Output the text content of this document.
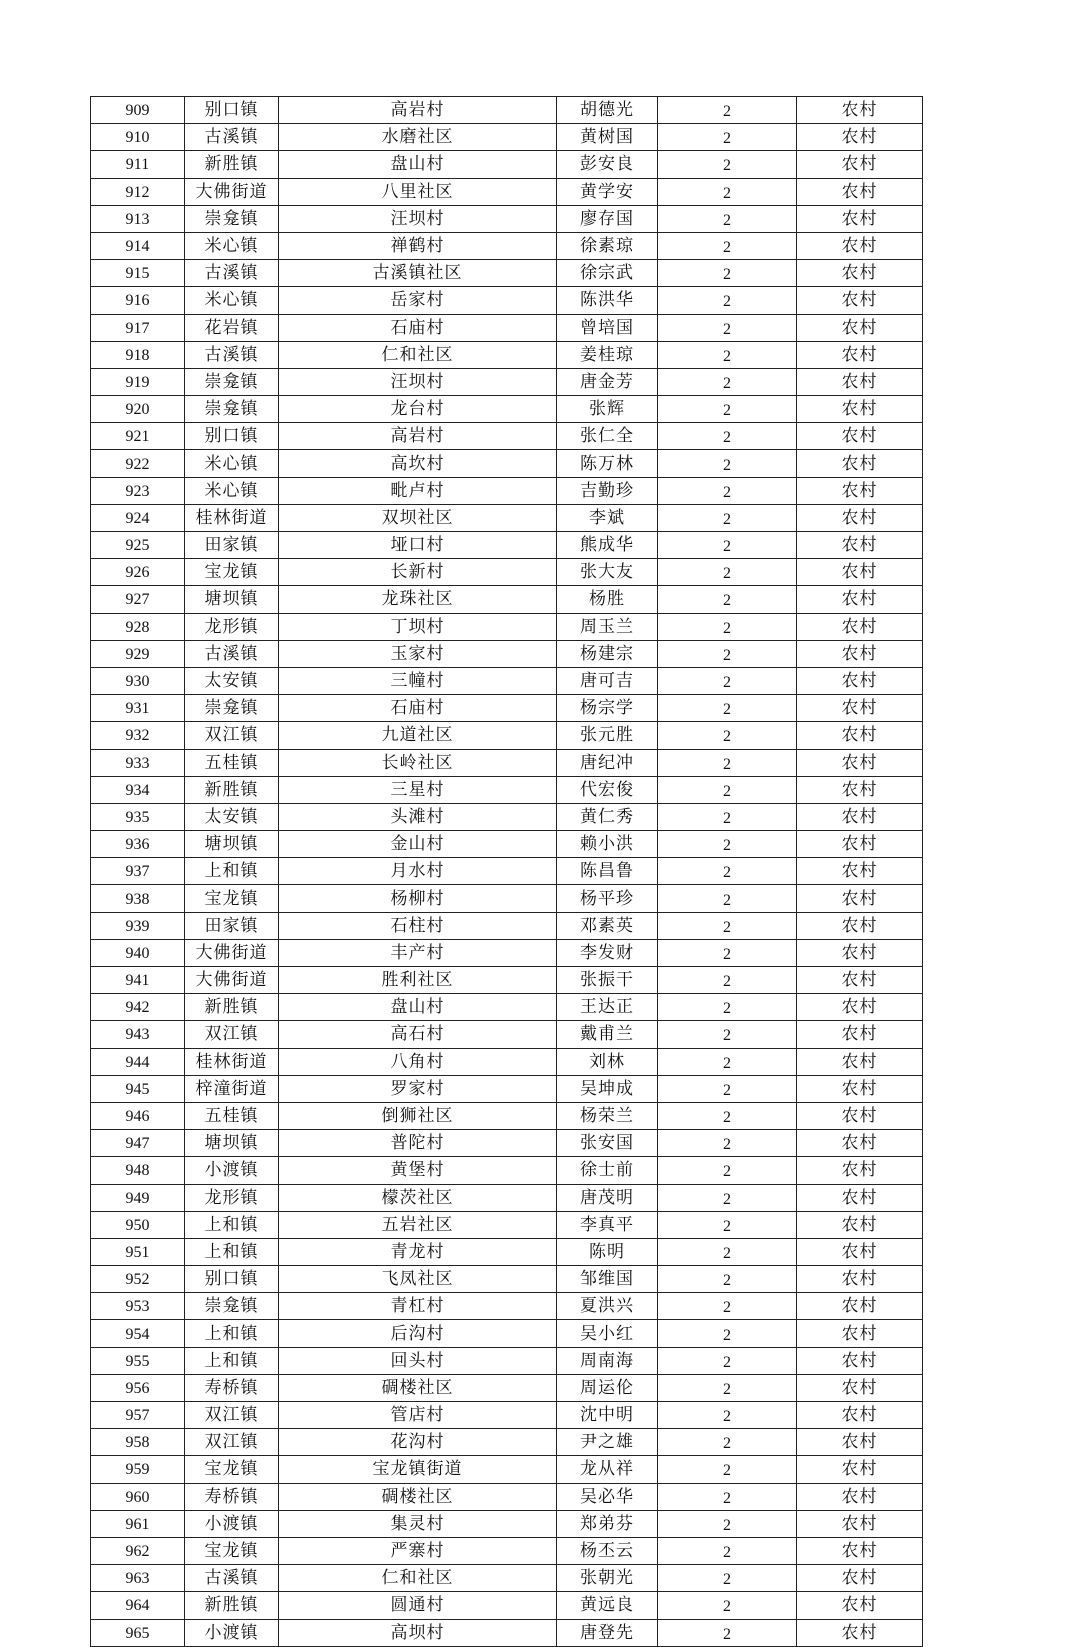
909	别口镇	高岩村	胡德光	2	农村
910	古溪镇	水磨社区	黄树国	2	农村
911	新胜镇	盘山村	彭安良	2	农村
912	大佛街道	八里社区	黄学安	2	农村
913	崇龛镇	汪坝村	廖存国	2	农村
914	米心镇	禅鹤村	徐素琼	2	农村
915	古溪镇	古溪镇社区	徐宗武	2	农村
916	米心镇	岳家村	陈洪华	2	农村
917	花岩镇	石庙村	曾培国	2	农村
918	古溪镇	仁和社区	姜桂琼	2	农村
919	崇龛镇	汪坝村	唐金芳	2	农村
920	崇龛镇	龙台村	张辉	2	农村
921	别口镇	高岩村	张仁全	2	农村
922	米心镇	高坎村	陈万林	2	农村
923	米心镇	毗卢村	吉勤珍	2	农村
924	桂林街道	双坝社区	李斌	2	农村
925	田家镇	垭口村	熊成华	2	农村
926	宝龙镇	长新村	张大友	2	农村
927	塘坝镇	龙珠社区	杨胜	2	农村
928	龙形镇	丁坝村	周玉兰	2	农村
929	古溪镇	玉家村	杨建宗	2	农村
930	太安镇	三幢村	唐可吉	2	农村
931	崇龛镇	石庙村	杨宗学	2	农村
932	双江镇	九道社区	张元胜	2	农村
933	五桂镇	长岭社区	唐纪冲	2	农村
934	新胜镇	三星村	代宏俊	2	农村
935	太安镇	头滩村	黄仁秀	2	农村
936	塘坝镇	金山村	赖小洪	2	农村
937	上和镇	月水村	陈昌鲁	2	农村
938	宝龙镇	杨柳村	杨平珍	2	农村
939	田家镇	石柱村	邓素英	2	农村
940	大佛街道	丰产村	李发财	2	农村
941	大佛街道	胜利社区	张振干	2	农村
942	新胜镇	盘山村	王达正	2	农村
943	双江镇	高石村	戴甫兰	2	农村
944	桂林街道	八角村	刘林	2	农村
945	梓潼街道	罗家村	吴坤成	2	农村
946	五桂镇	倒狮社区	杨荣兰	2	农村
947	塘坝镇	普陀村	张安国	2	农村
948	小渡镇	黄堡村	徐士前	2	农村
949	龙形镇	檬茨社区	唐茂明	2	农村
950	上和镇	五岩社区	李真平	2	农村
951	上和镇	青龙村	陈明	2	农村
952	别口镇	飞凤社区	邹维国	2	农村
953	崇龛镇	青杠村	夏洪兴	2	农村
954	上和镇	后沟村	吴小红	2	农村
955	上和镇	回头村	周南海	2	农村
956	寿桥镇	碉楼社区	周运伦	2	农村
957	双江镇	管店村	沈中明	2	农村
958	双江镇	花沟村	尹之雄	2	农村
959	宝龙镇	宝龙镇街道	龙从祥	2	农村
960	寿桥镇	碉楼社区	吴必华	2	农村
961	小渡镇	集灵村	郑弟芬	2	农村
962	宝龙镇	严寨村	杨丕云	2	农村
963	古溪镇	仁和社区	张朝光	2	农村
964	新胜镇	圆通村	黄远良	2	农村
965	小渡镇	高坝村	唐登先	2	农村
